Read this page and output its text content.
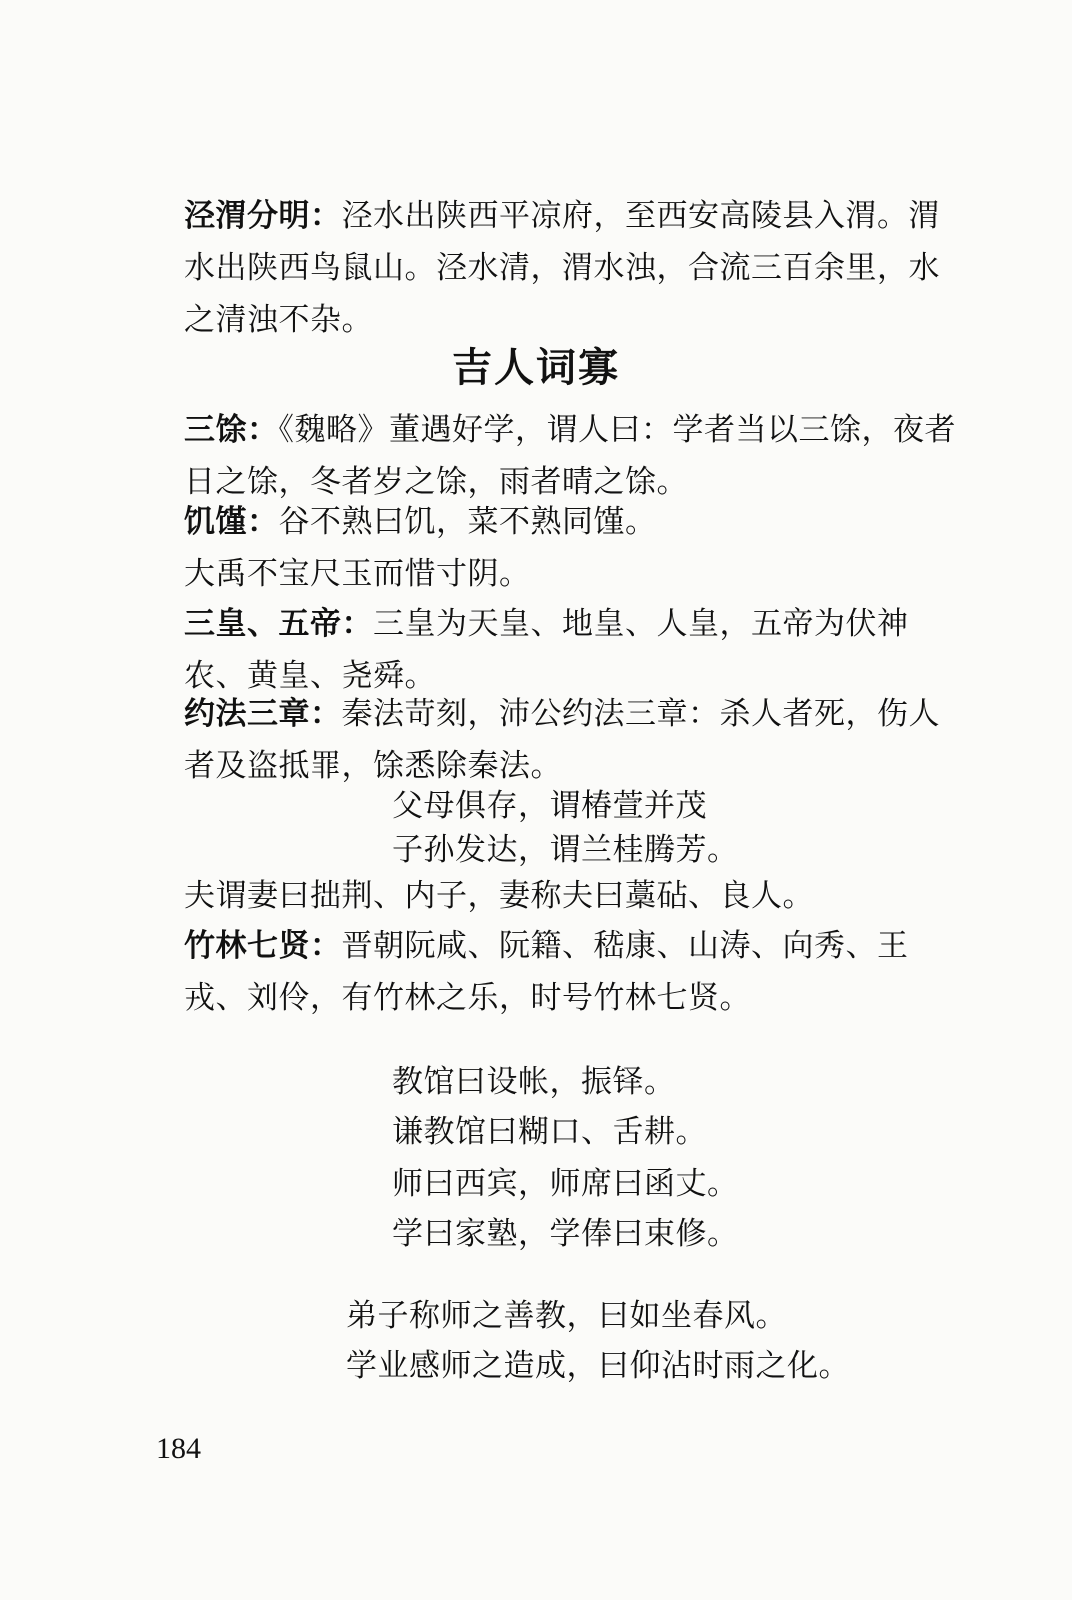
泾渭分明：泾水出陕西平凉府，至西安高陵县入渭。渭水出陕西鸟鼠山。泾水清，渭水浊，合流三百余里，水之清浊不杂。

吉人词寡

三馀：《魏略》董遇好学，谓人曰：学者当以三馀，夜者日之馀，冬者岁之馀，雨者晴之馀。

饥馑：谷不熟曰饥，菜不熟同馑。

大禹不宝尺玉而惜寸阴。

三皇、五帝：三皇为天皇、地皇、人皇，五帝为伏神农、黄皇、尧舜。

约法三章：秦法苛刻，沛公约法三章：杀人者死，伤人者及盗抵罪，馀悉除秦法。

父母俱存，谓椿萱并茂

子孙发达，谓兰桂腾芳。

夫谓妻曰拙荆、内子，妻称夫曰藁砧、良人。

竹林七贤：晋朝阮咸、阮籍、嵇康、山涛、向秀、王戎、刘伶，有竹林之乐，时号竹林七贤。

教馆曰设帐，振铎。

谦教馆曰糊口、舌耕。

师曰西宾，师席曰函丈。

学曰家塾，学俸曰束修。

弟子称师之善教，曰如坐春风。

学业感师之造成，曰仰沾时雨之化。

184
